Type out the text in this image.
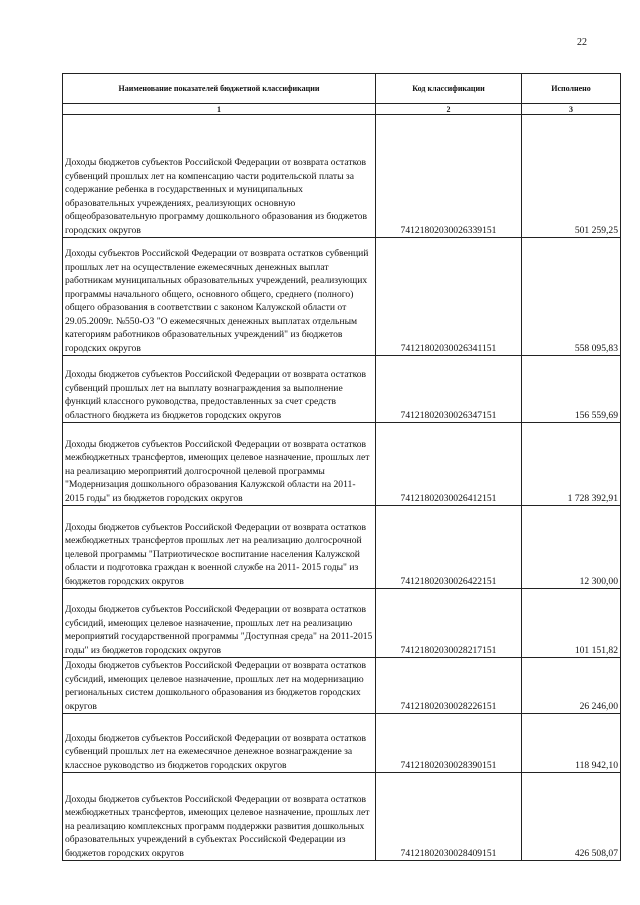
22
Наименование показателей бюджетной классификации	Код классификации	Исполнено
1	2	3
Доходы бюджетов субъектов Российской Федерации от возврата остатков субвенций прошлых лет на компенсацию части родительской платы за содержание ребенка в государственных и муниципальных образовательных учреждениях, реализующих основную общеобразовательную программу дошкольного образования из бюджетов городских округов	74121802030026339151	501 259,25
Доходы субъектов Российской Федерации от возврата остатков субвенций прошлых лет на осуществление ежемесячных денежных выплат работникам муниципальных образовательных учреждений, реализующих программы начального общего, основного общего, среднего (полного) общего образования в соответствии с законом Калужской области от 29.05.2009г. №550-ОЗ "О ежемесячных денежных выплатах отдельным категориям работников образовательных учреждений" из бюджетов городских округов	74121802030026341151	558 095,83
Доходы бюджетов субъектов Российской Федерации от возврата остатков субвенций прошлых лет на выплату вознаграждения за выполнение функций классного руководства, предоставленных за счет средств областного бюджета из бюджетов городских округов	74121802030026347151	156 559,69
Доходы бюджетов субъектов Российской Федерации от возврата остатков межбюджетных трансфертов, имеющих целевое назначение, прошлых лет на реализацию мероприятий долгосрочной целевой программы "Модернизация дошкольного образования Калужской области на 2011-2015 годы" из бюджетов городских округов	74121802030026412151	1 728 392,91
Доходы бюджетов субъектов Российской Федерации от возврата остатков межбюджетных трансфертов прошлых лет на реализацию долгосрочной целевой программы "Патриотическое воспитание населения Калужской области и подготовка граждан к военной службе на 2011- 2015 годы" из бюджетов городских округов	74121802030026422151	12 300,00
Доходы бюджетов субъектов Российской Федерации от возврата остатков субсидий, имеющих целевое назначение, прошлых лет на реализацию мероприятий государственной программы "Доступная среда" на 2011-2015 годы" из бюджетов городских округов	74121802030028217151	101 151,82
Доходы бюджетов субъектов Российской Федерации от возврата остатков субсидий, имеющих целевое назначение, прошлых лет на модернизацию региональных систем дошкольного образования из бюджетов городских округов	74121802030028226151	26 246,00
Доходы бюджетов субъектов Российской Федерации от возврата остатков субвенций прошлых лет на ежемесячное денежное вознаграждение за классное руководство из бюджетов городских округов	74121802030028390151	118 942,10
Доходы бюджетов субъектов Российской Федерации от возврата остатков межбюджетных трансфертов, имеющих целевое назначение, прошлых лет на реализацию комплексных программ поддержки развития дошкольных образовательных учреждений в субъектах Российской Федерации из бюджетов городских округов	74121802030028409151	426 508,07
